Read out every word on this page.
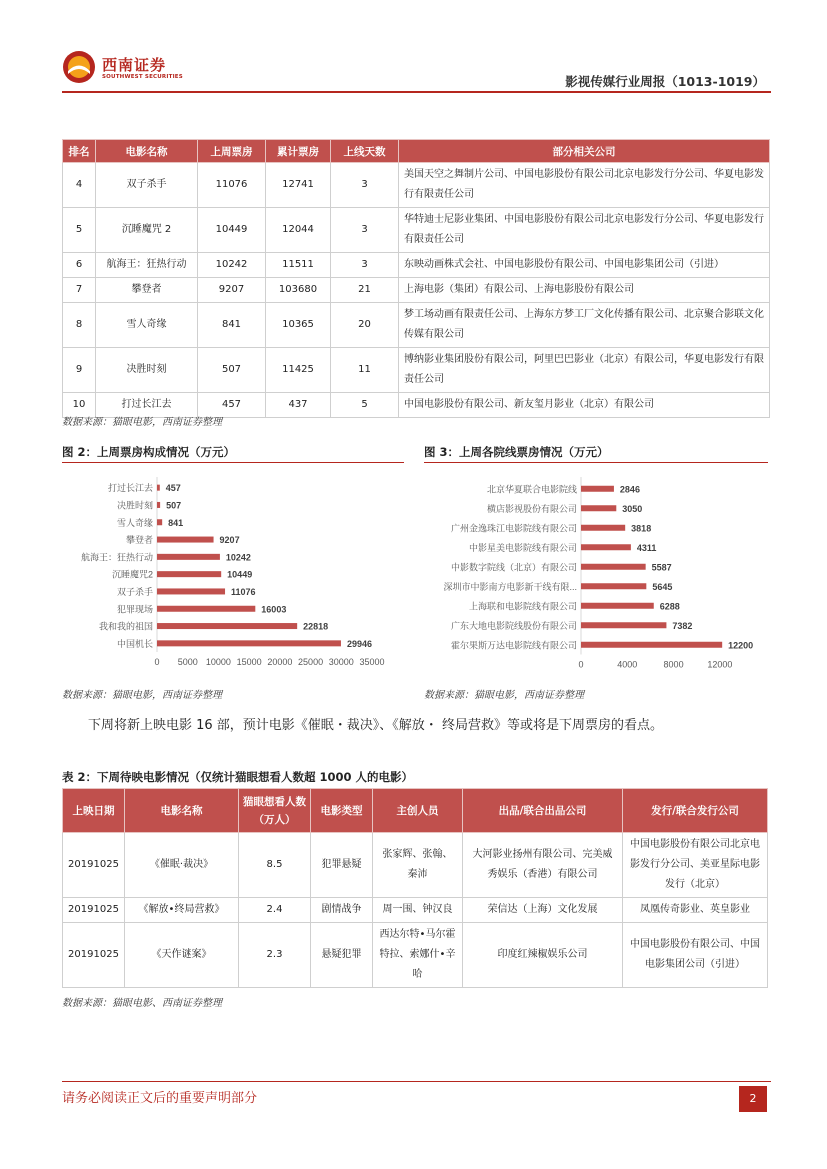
西南证券
SOUTHWEST SECURITIES	影视传媒行业周报（1013-1019）
排名	电影名称	上周票房	累计票房	上线天数	部分相关公司
4	双子杀手	11076	12741	3	美国天空之舞制片公司、中国电影股份有限公司北京电影发行分公司、华夏电影发行有限责任公司
5	沉睡魔咒 2	10449	12044	3	华特迪士尼影业集团、中国电影股份有限公司北京电影发行分公司、华夏电影发行有限责任公司
6	航海王：狂热行动	10242	11511	3	东映动画株式会社、中国电影股份有限公司、中国电影集团公司（引进）
7	攀登者	9207	103680	21	上海电影（集团）有限公司、上海电影股份有限公司
8	雪人奇缘	841	10365	20	梦工场动画有限责任公司、上海东方梦工厂文化传播有限公司、北京聚合影联文化传媒有限公司
9	决胜时刻	507	11425	11	博纳影业集团股份有限公司，阿里巴巴影业（北京）有限公司，华夏电影发行有限责任公司
10	打过长江去	457	437	5	中国电影股份有限公司、新友玺月影业（北京）有限公司
数据来源：猫眼电影，西南证券整理
图 2：上周票房构成情况（万元）	图 3：上周各院线票房情况（万元）
打过长江去 457
决胜时刻 507
雪人奇缘 841
攀登者	9207
航海王：狂热行动	10242
沉睡魔咒2	10449
双子杀手	11076
犯罪现场	16003
我和我的祖国	22818
中国机长	29946
0 5000 10000 15000 20000 25000 30000 35000
北京华夏联合电影院线	2846
横店影视股份有限公司	3050
广州金逸珠江电影院线有限公司	3818
中影星美电影院线有限公司	4311
中影数字院线（北京）有限公司	5587
深圳市中影南方电影新干线有限...	5645
上海联和电影院线有限公司	6288
广东大地电影院线股份有限公司	7382
霍尔果斯万达电影院线有限公司	12200
0	4000	8000	12000
数据来源：猫眼电影，西南证券整理	数据来源：猫眼电影，西南证券整理
下周将新上映电影 16 部，预计电影《催眠・裁决》、《解放・ 终局营救》等或将是下周票房的看点。
表 2：下周待映电影情况（仅统计猫眼想看人数超 1000 人的电影）
上映日期	电影名称	猫眼想看人数（万人）	电影类型	主创人员	出品/联合出品公司	发行/联合发行公司
20191025	《催眠·裁决》	8.5	犯罪悬疑	张家辉、张翰、秦沛	大河影业扬州有限公司、完美威秀娱乐（香港）有限公司	中国电影股份有限公司北京电影发行分公司、美亚星际电影发行（北京）
20191025	《解放•终局营救》	2.4	剧情战争	周一围、钟汉良	荣信达（上海）文化发展	凤凰传奇影业、英皇影业
20191025	《天作谜案》	2.3	悬疑犯罪	西达尔特•马尔霍特拉、索娜什•辛哈	印度红辣椒娱乐公司	中国电影股份有限公司、中国电影集团公司（引进）
数据来源：猫眼电影、西南证券整理
请务必阅读正文后的重要声明部分	2
